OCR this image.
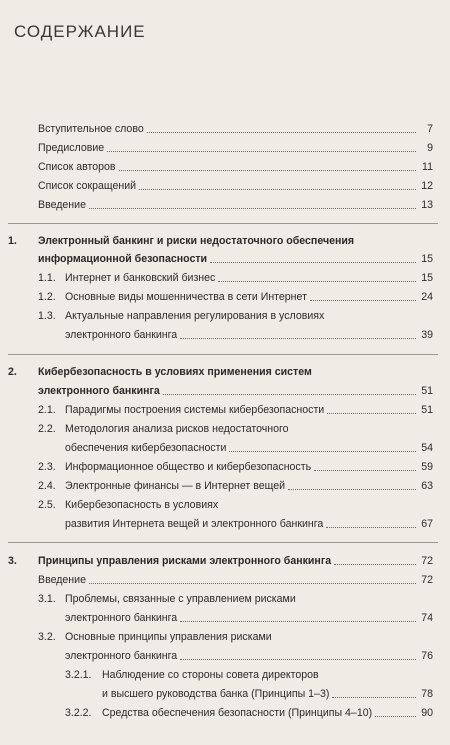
СОДЕРЖАНИЕ
Вступительное слово	7
Предисловие	9
Список авторов	11
Список сокращений	12
Введение	13
1. Электронный банкинг и риски недостаточного обеспечения
информационной безопасности	15
1.1. Интернет и банковский бизнес	15
1.2. Основные виды мошенничества в сети Интернет	24
1.3. Актуальные направления регулирования в условиях
электронного банкинга	39
2. Кибербезопасность в условиях применения систем
электронного банкинга	51
2.1. Парадигмы построения системы кибербезопасности	51
2.2. Методология анализа рисков недостаточного
обеспечения кибербезопасности	54
2.3. Информационное общество и кибербезопасность	59
2.4. Электронные финансы — в Интернет вещей	63
2.5. Кибербезопасность в условиях
развития Интернета вещей и электронного банкинга	67
3. Принципы управления рисками электронного банкинга	72
Введение	72
3.1. Проблемы, связанные с управлением рисками
электронного банкинга	74
3.2. Основные принципы управления рисками
электронного банкинга	76
3.2.1. Наблюдение со стороны совета директоров
и высшего руководства банка (Принципы 1–3)	78
3.2.2. Средства обеспечения безопасности (Принципы 4–10)	90
